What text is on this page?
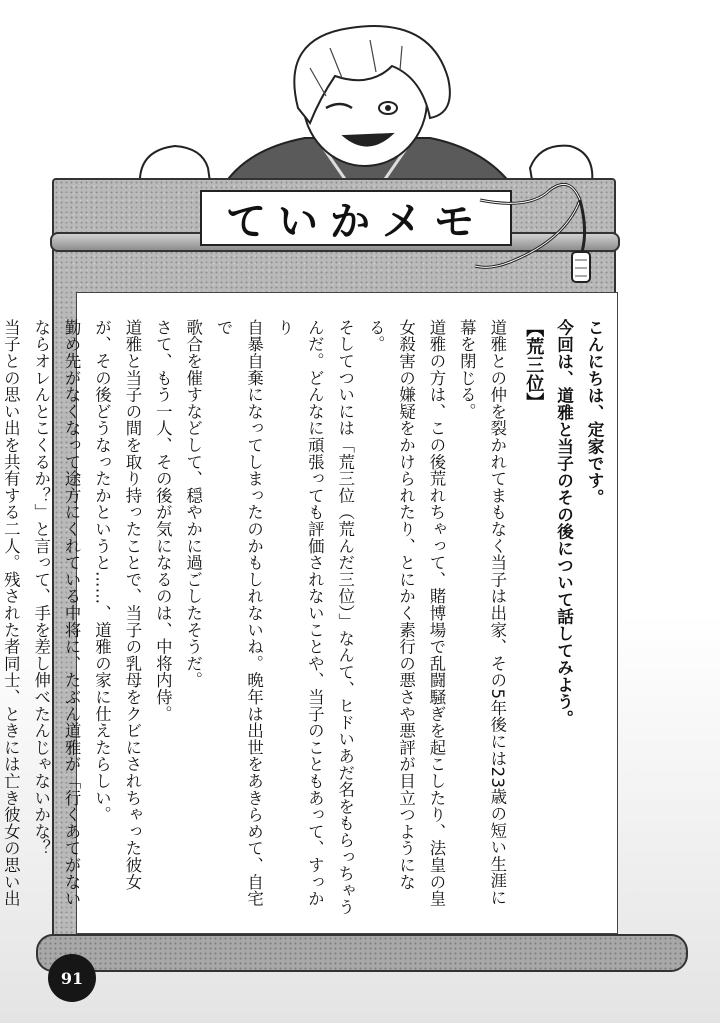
ていかメモ

こんにちは、定家です。

今回は、道雅と当子のその後について話してみよう。

【荒三位】

道雅との仲を裂かれてまもなく当子は出家、その5年後には23歳の短い生涯に

幕を閉じる。

道雅の方は、この後荒れちゃって、賭博場で乱闘騒ぎを起こしたり、法皇の皇

女殺害の嫌疑をかけられたり、とにかく素行の悪さや悪評が目立つようになる。

そしてついには「荒三位（荒んだ三位）」なんて、ヒドいあだ名をもらっちゃう

んだ。どんなに頑張っても評価されないことや、当子のこともあって、すっかり

自暴自棄になってしまったのかもしれないね。晩年は出世をあきらめて、自宅で

歌合を催すなどして、穏やかに過ごしたそうだ。

さて、もう一人、その後が気になるのは、中将内侍。

道雅と当子の間を取り持ったことで、当子の乳母をクビにされちゃった彼女

が、その後どうなったかというと……、道雅の家に仕えたらしい。

勤め先がなくなって途方にくれている中将に、たぶん道雅が「行くあてがない

ならオレんとこくるか？」と言って、手を差し伸べたんじゃないかな？

当子との思い出を共有する二人。残された者同士、ときには亡き彼女の思い出

91
